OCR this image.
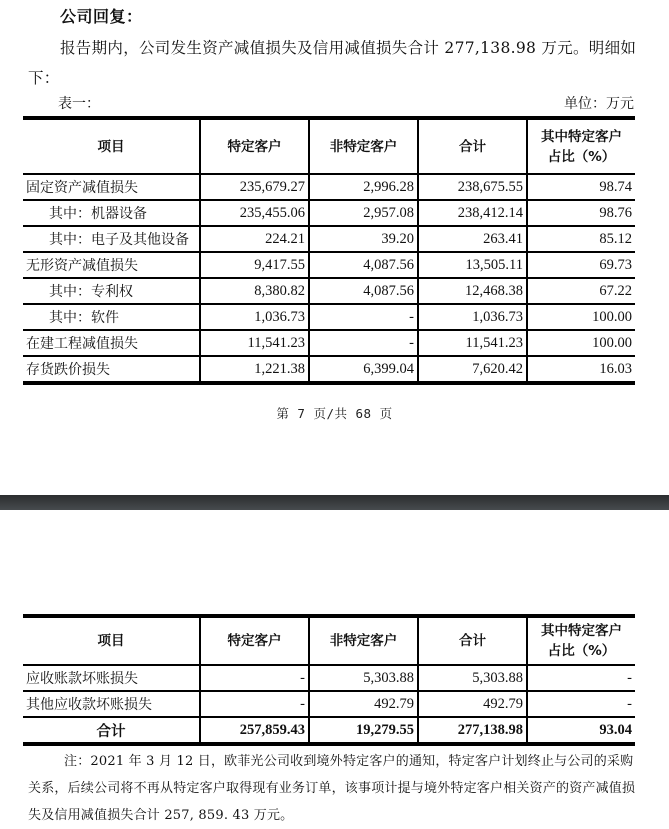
公司回复：
报告期内，公司发生资产减值损失及信用减值损失合计 277,138.98 万元。明细如下：
表一：	单位：万元
项目	特定客户	非特定客户	合计	其中特定客户占比（%）
固定资产减值损失	235,679.27	2,996.28	238,675.55	98.74
其中：机器设备	235,455.06	2,957.08	238,412.14	98.76
其中：电子及其他设备	224.21	39.20	263.41	85.12
无形资产减值损失	9,417.55	4,087.56	13,505.11	69.73
其中：专利权	8,380.82	4,087.56	12,468.38	67.22
其中：软件	1,036.73	-	1,036.73	100.00
在建工程减值损失	11,541.23	-	11,541.23	100.00
存货跌价损失	1,221.38	6,399.04	7,620.42	16.03
第 7 页/共 68 页
项目	特定客户	非特定客户	合计	其中特定客户占比（%）
应收账款坏账损失	-	5,303.88	5,303.88	-
其他应收款坏账损失	-	492.79	492.79	-
合计	257,859.43	19,279.55	277,138.98	93.04
注：2021 年 3 月 12 日，欧菲光公司收到境外特定客户的通知，特定客户计划终止与公司的采购关系，后续公司将不再从特定客户取得现有业务订单，该事项计提与境外特定客户相关资产的资产减值损失及信用减值损失合计 257, 859. 43 万元。
